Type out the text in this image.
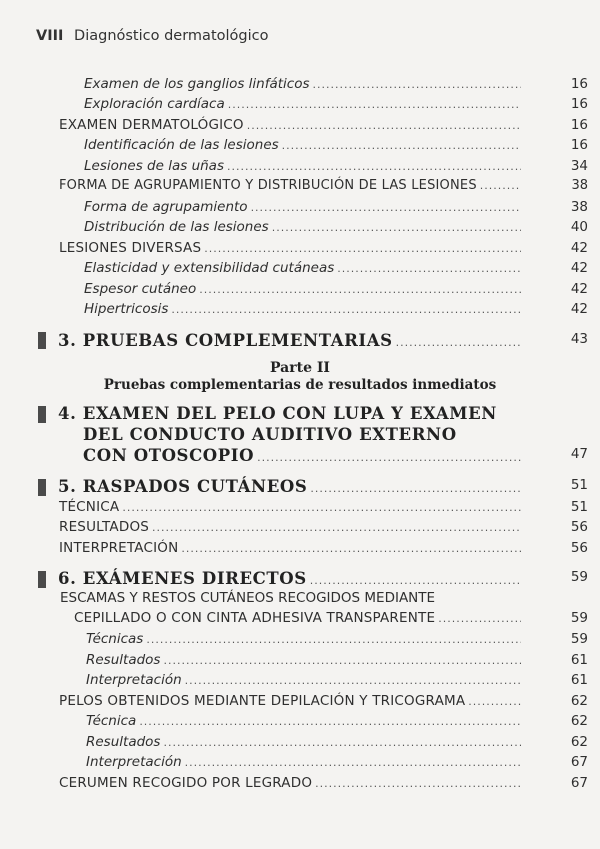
VIII Diagnóstico dermatológico
Examen de los ganglios linfáticos .....	16
Exploración cardíaca .....	16
EXAMEN DERMATOLÓGICO .....	16
Identificación de las lesiones .....	16
Lesiones de las uñas .....	34
FORMA DE AGRUPAMIENTO Y DISTRIBUCIÓN DE LAS LESIONES .....	38
Forma de agrupamiento .....	38
Distribución de las lesiones .....	40
LESIONES DIVERSAS .....	42
Elasticidad y extensibilidad cutáneas .....	42
Espesor cutáneo .....	42
Hipertricosis .....	42
3. PRUEBAS COMPLEMENTARIAS .....	43
Parte II
Pruebas complementarias de resultados inmediatos
4. EXAMEN DEL PELO CON LUPA Y EXAMEN
DEL CONDUCTO AUDITIVO EXTERNO
CON OTOSCOPIO .....	47
5. RASPADOS CUTÁNEOS .....	51
TÉCNICA .....	51
RESULTADOS .....	56
INTERPRETACIÓN .....	56
6. EXÁMENES DIRECTOS .....	59
ESCAMAS Y RESTOS CUTÁNEOS RECOGIDOS MEDIANTE
CEPILLADO O CON CINTA ADHESIVA TRANSPARENTE .....	59
Técnicas .....	59
Resultados .....	61
Interpretación .....	61
PELOS OBTENIDOS MEDIANTE DEPILACIÓN Y TRICOGRAMA .....	62
Técnica .....	62
Resultados .....	62
Interpretación .....	67
CERUMEN RECOGIDO POR LEGRADO .....	67
